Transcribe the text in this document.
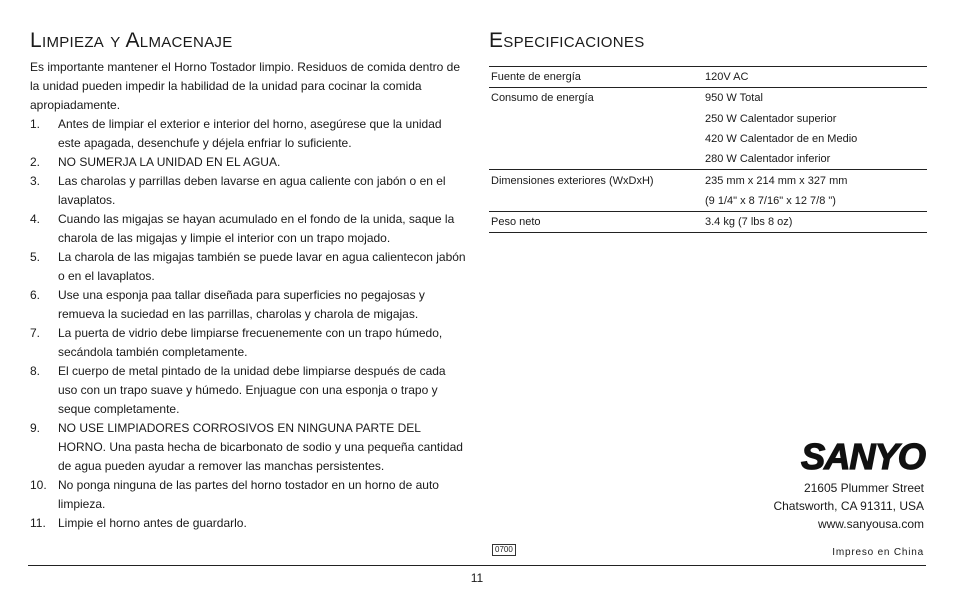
Limpieza y Almacenaje

Es importante mantener el Horno Tostador limpio. Residuos de comida dentro de la unidad pueden impedir la habilidad de la unidad para cocinar la comida apropiadamente.

1.	Antes de limpiar el exterior e interior del horno, asegúrese que la unidad este apagada, desenchufe y déjela enfriar lo suficiente.
2.	NO SUMERJA LA UNIDAD EN EL AGUA.
3.	Las charolas y parrillas deben lavarse en agua caliente con jabón o en el lavaplatos.
4.	Cuando las migajas se hayan acumulado en el fondo de la unida, saque la charola de las migajas y limpie el interior con un trapo mojado.
5.	La charola de las migajas también se puede lavar en agua calientecon jabón o en el lavaplatos.
6.	Use una esponja paa tallar diseñada para superficies no pegajosas y remueva la suciedad en las parrillas, charolas y charola de migajas.
7.	La puerta de vidrio debe limpiarse frecuenemente con un trapo húmedo, secándola también completamente.
8.	El cuerpo de metal pintado de la unidad debe limpiarse después de cada uso con un trapo suave y húmedo. Enjuague con una esponja o trapo y seque completamente.
9.	NO USE LIMPIADORES CORROSIVOS EN NINGUNA PARTE DEL HORNO. Una pasta hecha de bicarbonato de sodio y una pequeña cantidad de agua pueden ayudar a remover las manchas persistentes.
10. No ponga ninguna de las partes del horno tostador en un horno de auto limpieza.
11.	Limpie el horno antes de guardarlo.
Especificaciones
Fuente de energía	120V AC
Consumo de energía	950 W Total
	250 W Calentador superior
	420 W Calentador de en Medio
	280 W Calentador inferior
Dimensiones exteriores (WxDxH)	235 mm x 214 mm x 327 mm
	(9 1/4" x 8 7/16" x 12 7/8 ")
Peso neto	3.4 kg (7 lbs 8 oz)
SANYO
21605 Plummer Street
Chatsworth, CA 91311, USA
www.sanyousa.com
0700	Impreso en China
11
